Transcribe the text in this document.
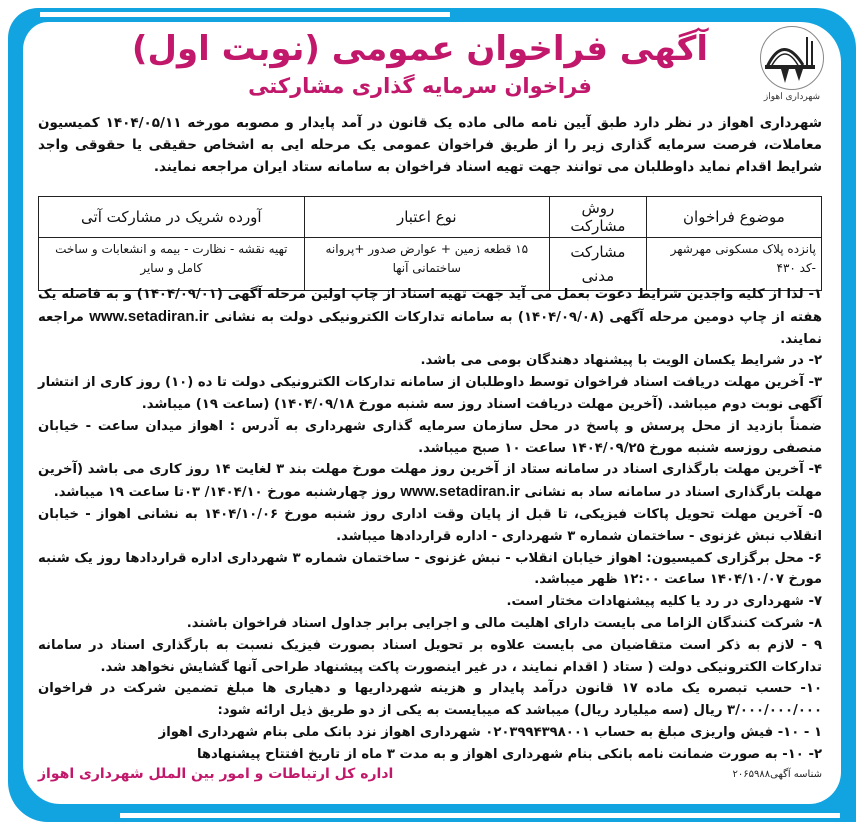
شهرداری اهواز
آگهی فراخوان عمومی (نوبت اول)
فراخوان سرمایه گذاری مشارکتی
شهرداری اهواز در نظر دارد طبق آیین نامه مالی ماده یک قانون در آمد پایدار و مصوبه مورخه ۱۴۰۴/۰۵/۱۱ کمیسیون معاملات، فرصت سرمایه گذاری زیر را از طریق فراخوان عمومی یک مرحله ایی به اشخاص حقیقی یا حقوقی واجد شرایط اقدام نماید داوطلبان می توانند جهت تهیه اسناد فراخوان به سامانه ستاد ایران مراجعه نمایند.
موضوع فراخوان	روش مشارکت	نوع اعتبار	آورده شریک در مشارکت آتی
پانزده پلاک مسکونی مهرشهر -کد ۴۳۰	مشارکت مدنی	۱۵ قطعه زمین + عوارض صدور +پروانه ساختمانی آنها	تهیه نقشه - نظارت - بیمه و انشعابات و ساخت کامل و سایر

۱- لذا از کلیه واجدین شرایط دعوت بعمل می آید جهت تهیه اسناد از چاپ اولین مرحله آگهی (۱۴۰۴/۰۹/۰۱) و به فاصله یک هفته از چاپ دومین مرحله آگهی (۱۴۰۴/۰۹/۰۸) به سامانه تدارکات الکترونیکی دولت به نشانی www.setadiran.ir مراجعه نمایند.

۲- در شرایط یکسان الویت با پیشنهاد دهندگان بومی می باشد.

۳- آخرین مهلت دریافت اسناد فراخوان توسط داوطلبان از سامانه تدارکات الکترونیکی دولت تا ده (۱۰) روز کاری از انتشار آگهی نوبت دوم میباشد. (آخرین مهلت دریافت اسناد روز سه شنبه مورخ ۱۴۰۴/۰۹/۱۸) (ساعت ۱۹) میباشد.

ضمناً بازدید از محل پرسش و پاسخ در محل سازمان سرمایه گذاری شهرداری به آدرس : اهواز میدان ساعت - خیابان منصفی روزسه شنبه مورخ ۱۴۰۴/۰۹/۲۵ ساعت ۱۰ صبح میباشد.

۴- آخرین مهلت بارگذاری اسناد در سامانه ستاد از آخرین روز مهلت مورخ مهلت بند ۳ لغایت ۱۴ روز کاری می باشد (آخرین مهلت بارگذاری اسناد در سامانه ساد به نشانی www.setadiran.ir روز چهارشنبه مورخ ۱۴۰۴/۱۰/ ۰۳تا ساعت ۱۹ میباشد.

۵- آخرین مهلت تحویل پاکات فیزیکی، تا قبل از پایان وقت اداری روز شنبه مورخ ۱۴۰۴/۱۰/۰۶ به نشانی اهواز - خیابان انقلاب نبش غزنوی - ساختمان شماره ۳ شهرداری - اداره قراردادها میباشد.

۶- محل برگزاری کمیسیون: اهواز خیابان انقلاب - نبش غزنوی - ساختمان شماره ۳ شهرداری اداره قراردادها روز یک شنبه مورخ ۱۴۰۴/۱۰/۰۷ ساعت ۱۲:۰۰ ظهر میباشد.

۷- شهرداری در رد یا کلیه پیشنهادات مختار است.

۸- شرکت کنندگان الزاما می بایست دارای اهلیت مالی و اجرایی برابر جداول اسناد فراخوان باشند.

۹ - لازم به ذکر است متقاضیان می بایست علاوه بر تحویل اسناد بصورت فیزیک نسبت به بارگذاری اسناد در سامانه تدارکات الکترونیکی دولت ( ستاد ( اقدام نمایند ، در غیر اینصورت پاکت پیشنهاد طراحی آنها گشایش نخواهد شد.

۱۰- حسب تبصره یک ماده ۱۷ قانون درآمد پایدار و هزینه شهرداریها و دهیاری ها مبلغ تضمین شرکت در فراخوان ۳/۰۰۰/۰۰۰/۰۰۰ ریال (سه میلیارد ریال) میباشد که میبایست به یکی از دو طریق ذیل ارائه شود:

۱ - ۱۰- فیش واریزی مبلغ به حساب ۰۲۰۳۹۹۴۳۹۸۰۰۱ شهرداری اهواز نزد بانک ملی بنام شهرداری اهواز

۲- ۱۰- به صورت ضمانت نامه بانکی بنام شهرداری اهواز و به مدت ۳ ماه از تاریخ افتتاح پیشنهادها

شناسه آگهی۲۰۶۵۹۸۸
اداره کل ارتباطات و امور بین الملل شهرداری اهواز
